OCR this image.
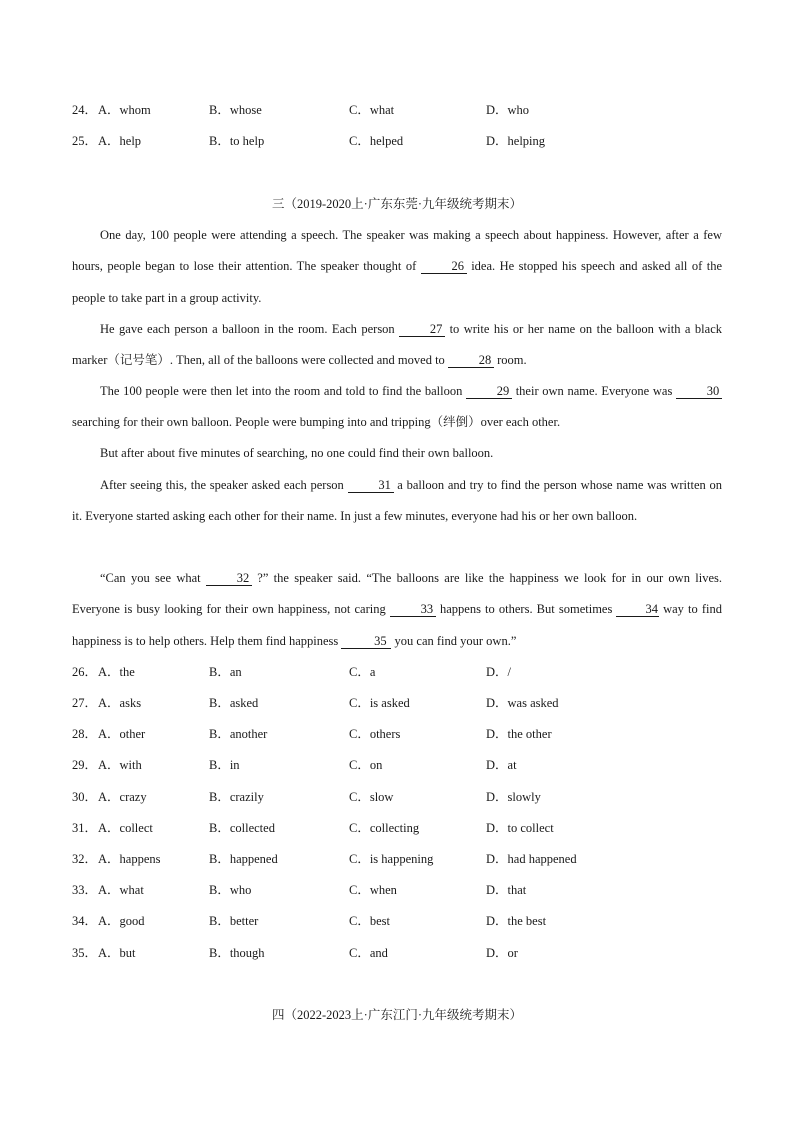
24． A．whom	B．whose	C．what	D．who
25． A．help	B．to help	C．helped	D．helping
三（2019-2020上·广东东莞·九年级统考期末）
One day, 100 people were attending a speech. The speaker was making a speech about happiness. However, after a few hours, people began to lose their attention. The speaker thought of 26 idea. He stopped his speech and asked all of the people to take part in a group activity.
He gave each person a balloon in the room. Each person 27 to write his or her name on the balloon with a black marker（记号笔）. Then, all of the balloons were collected and moved to 28 room.
The 100 people were then let into the room and told to find the balloon 29 their own name. Everyone was 30 searching for their own balloon. People were bumping into and tripping（绊倒）over each other.
But after about five minutes of searching, no one could find their own balloon.
After seeing this, the speaker asked each person 31 a balloon and try to find the person whose name was written on it. Everyone started asking each other for their name. In just a few minutes, everyone had his or her own balloon.
“Can you see what 32 ?” the speaker said. “The balloons are like the happiness we look for in our own lives. Everyone is busy looking for their own happiness, not caring 33 happens to others. But sometimes 34 way to find happiness is to help others. Help them find happiness	35 you can find your own.”
26． A．the	B．an	C．a	D．/
27． A．asks	B．asked	C．is asked	D．was asked
28． A．other	B．another	C．others	D．the other
29． A．with	B．in	C．on	D．at
30． A．crazy	B．crazily	C．slow	D．slowly
31． A．collect	B．collected	C．collecting	D．to collect
32． A．happens	B．happened	C．is happening	D．had happened
33． A．what	B．who	C．when	D．that
34． A．good	B．better	C．best	D．the best
35． A．but	B．though	C．and	D．or
四（2022-2023上·广东江门·九年级统考期末）
